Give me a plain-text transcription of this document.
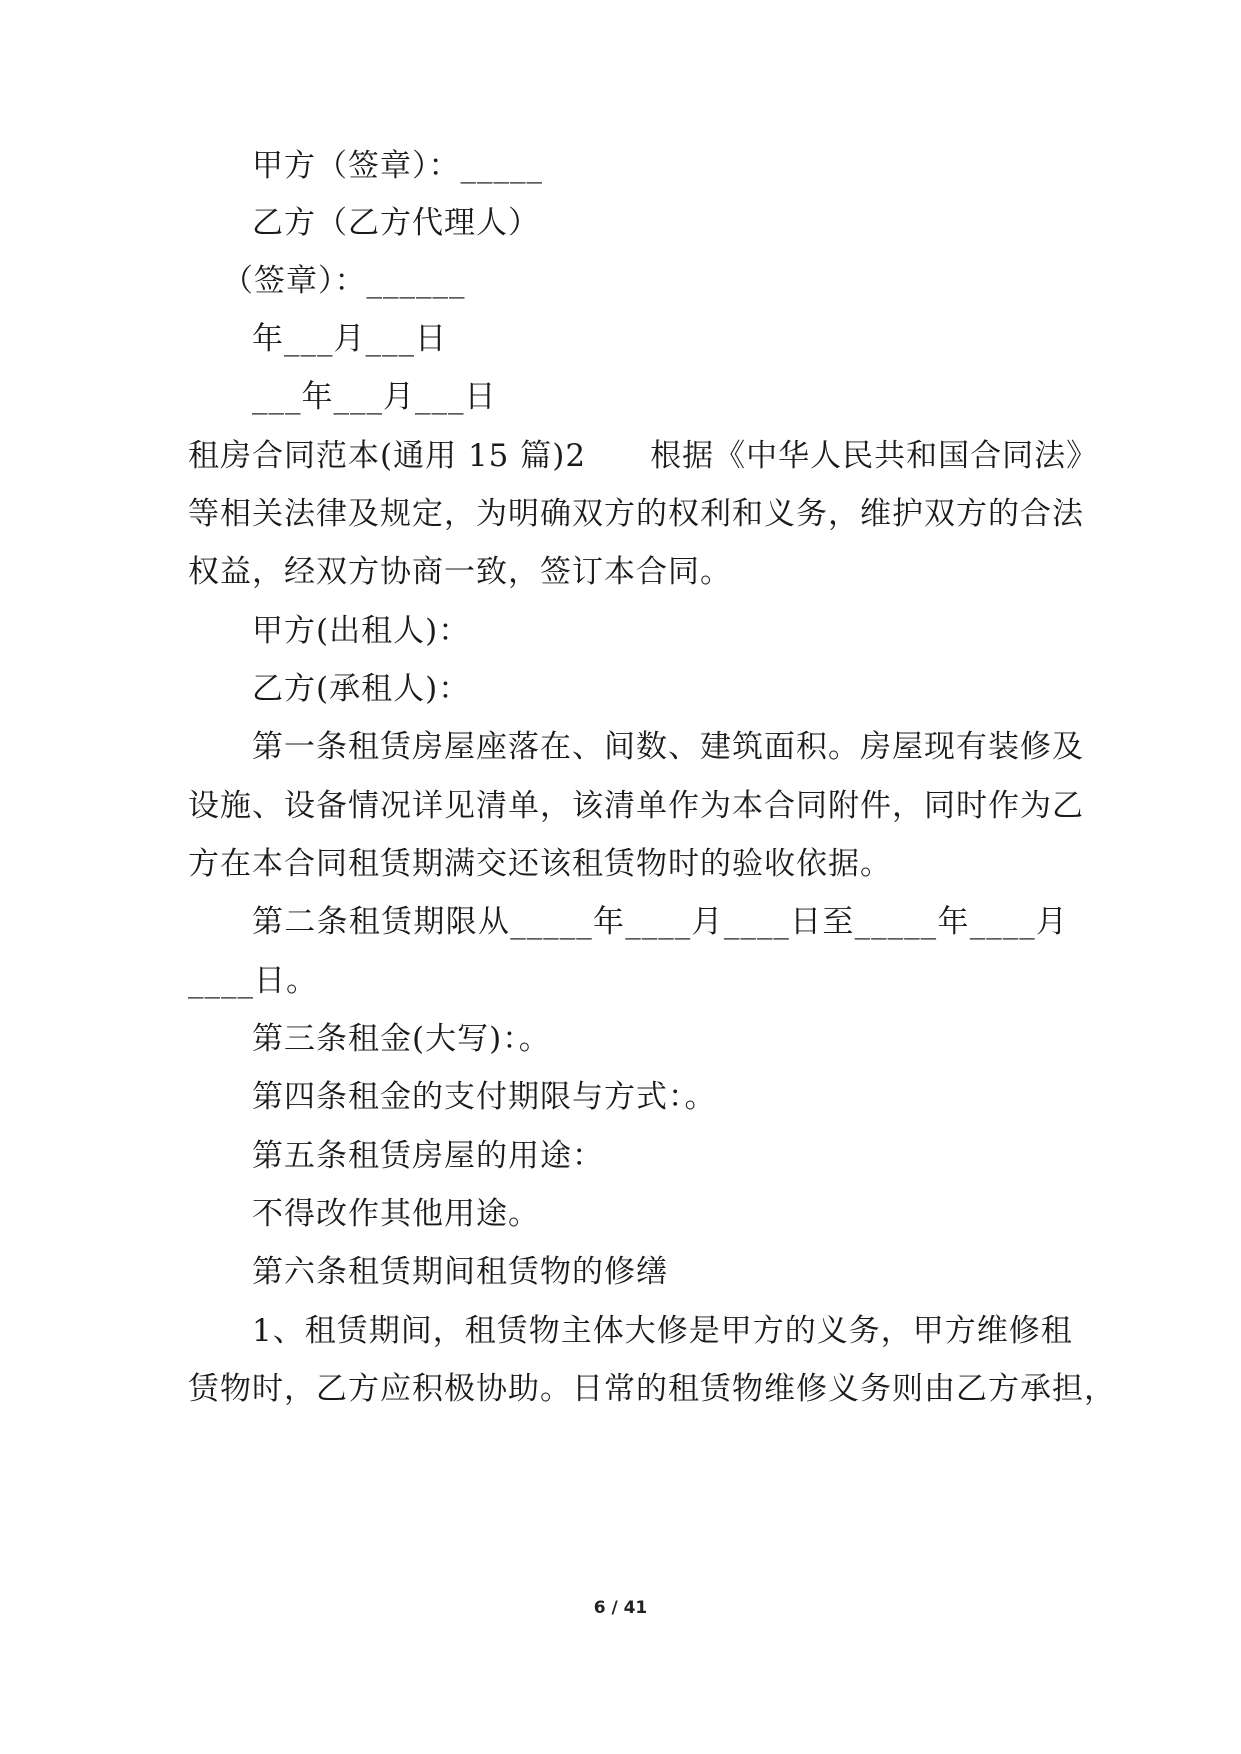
甲方（签章）：_____
乙方（乙方代理人）
（签章）：______
年___月___日
___年___月___日
租房合同范本(通用 15 篇)2　　根据《中华人民共和国合同法》
等相关法律及规定，为明确双方的权利和义务，维护双方的合法
权益，经双方协商一致，签订本合同。
甲方(出租人)：
乙方(承租人)：
第一条租赁房屋座落在、间数、建筑面积。房屋现有装修及
设施、设备情况详见清单，该清单作为本合同附件，同时作为乙
方在本合同租赁期满交还该租赁物时的验收依据。
第二条租赁期限从_____年____月____日至_____年____月
____日。
第三条租金(大写)：。
第四条租金的支付期限与方式：。
第五条租赁房屋的用途：
不得改作其他用途。
第六条租赁期间租赁物的修缮
1、租赁期间，租赁物主体大修是甲方的义务，甲方维修租
赁物时，乙方应积极协助。日常的租赁物维修义务则由乙方承担，
6 / 41
